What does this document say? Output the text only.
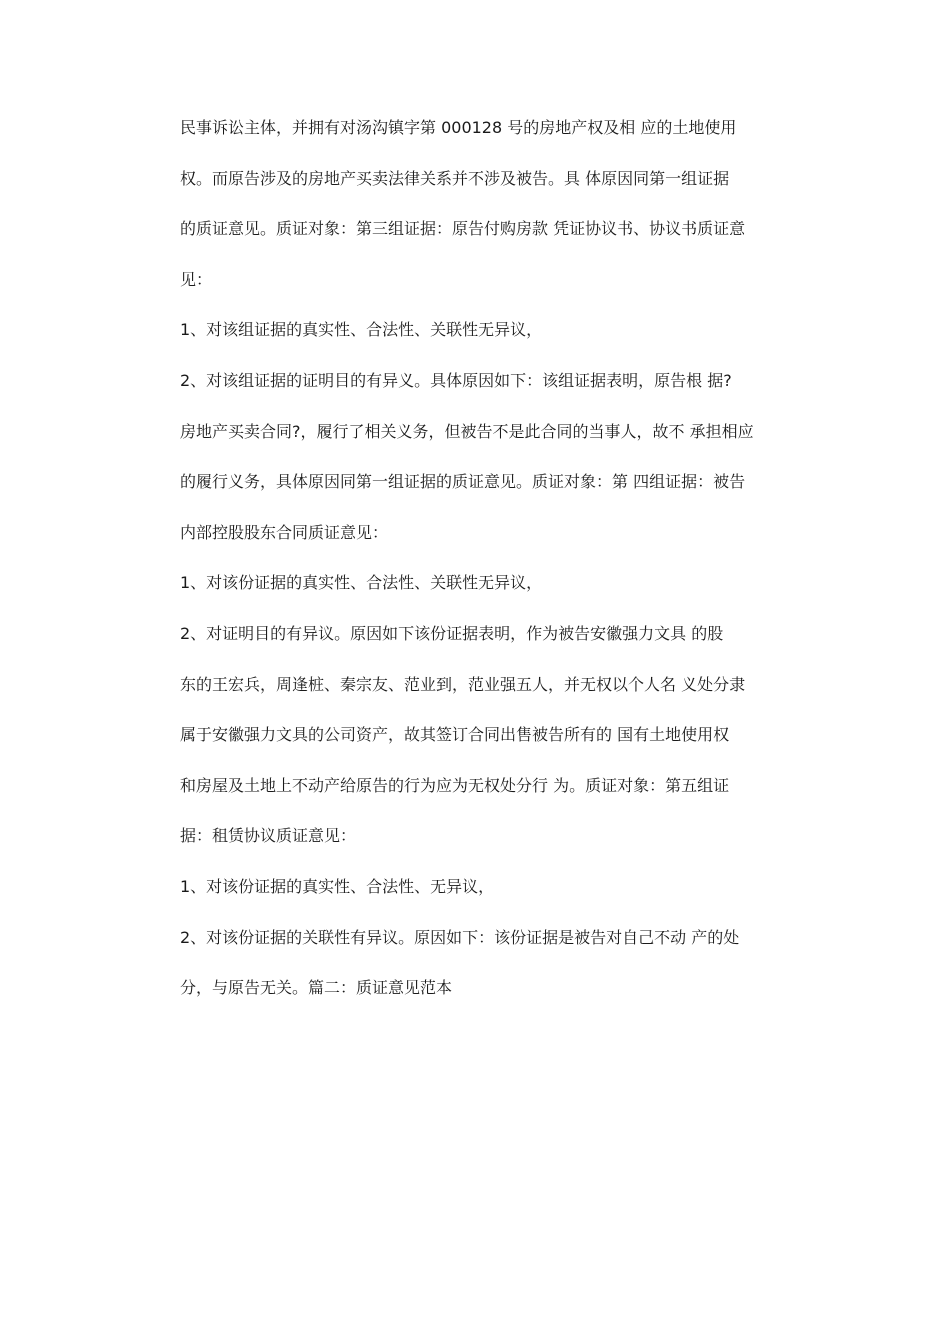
民事诉讼主体，并拥有对汤沟镇字第 000128 号的房地产权及相 应的土地使用
权。而原告涉及的房地产买卖法律关系并不涉及被告。具 体原因同第一组证据
的质证意见。质证对象：第三组证据：原告付购房款 凭证协议书、协议书质证意
见：
1、对该组证据的真实性、合法性、关联性无异议，
2、对该组证据的证明目的有异义。具体原因如下：该组证据表明，原告根 据?
房地产买卖合同?，履行了相关义务，但被告不是此合同的当事人，故不 承担相应
的履行义务，具体原因同第一组证据的质证意见。质证对象：第 四组证据：被告
内部控股股东合同质证意见：
1、对该份证据的真实性、合法性、关联性无异议，
2、对证明目的有异议。原因如下该份证据表明，作为被告安徽强力文具 的股
东的王宏兵，周逢桩、秦宗友、范业到，范业强五人，并无权以个人名 义处分隶
属于安徽强力文具的公司资产，故其签订合同出售被告所有的 国有土地使用权
和房屋及土地上不动产给原告的行为应为无权处分行 为。质证对象：第五组证
据：租赁协议质证意见：
1、对该份证据的真实性、合法性、无异议，
2、对该份证据的关联性有异议。原因如下：该份证据是被告对自己不动 产的处
分，与原告无关。篇二：质证意见范本
